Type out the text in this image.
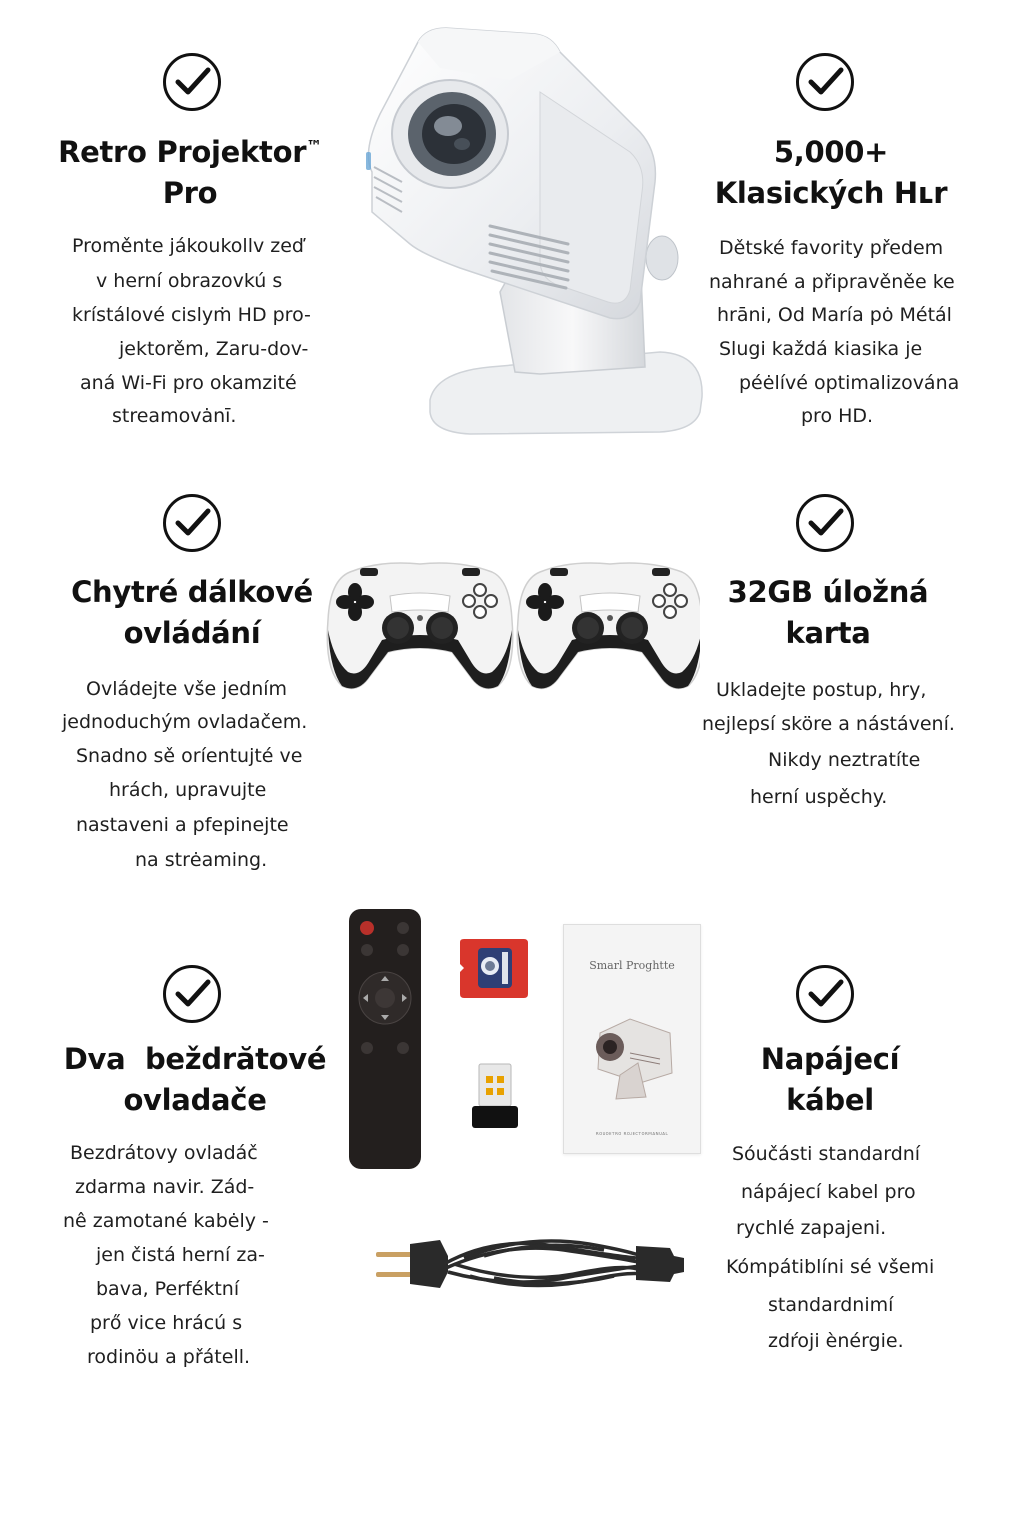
Retro Projektor™
Pro
Proměnte jákoukollv zeď
v herní obrazovkú s
krístálové cislyṁ HD pro-
jektorěm, Zaru-dov-
aná Wi-Fi pro okamzité
streamovȧnī.
5,000+
Klasických Hʟr
Dětské favority předem
nahrané a připravěněe ke
hrāni, Od María pȯ Métál
Slugi každá kiasika je
péėlívé optimalizována
pro HD.
Chytré dálkové
ovládání
Ovládejte vše jedním
jednoduchým ovladačem.
Snadno sě oríentujté ve
hrách, upravujte
nastaveni a pfepinejte
na strėaming.
32GB úložná
karta
Ukladejte postup, hry,
nejlepsí sköre a nástávení.
Nikdy neztratíte
herní uspěchy.
Dva  beždrătové
ovladače
Bezdrátovy ovladáč
zdarma navir. Zád-
nê zamotané kabėly -
jen čistá herní za-
bava, Perféktní
prő vice hrácú s
rodinöu a přátell.
Napájecí
kábel
Sóučásti standardní
nápájecí kabel pro
rychlé zapajeni.
Kómpátiblíni sé všemi
standardnimí
zdŕoji ènérgie.
Smarl Proghtte
ʀᴏᴜᴏᴇᴛʀᴏ ʀᴏᴊᴇᴄᴛᴏʀᴍᴀɴᴜᴀʟ
